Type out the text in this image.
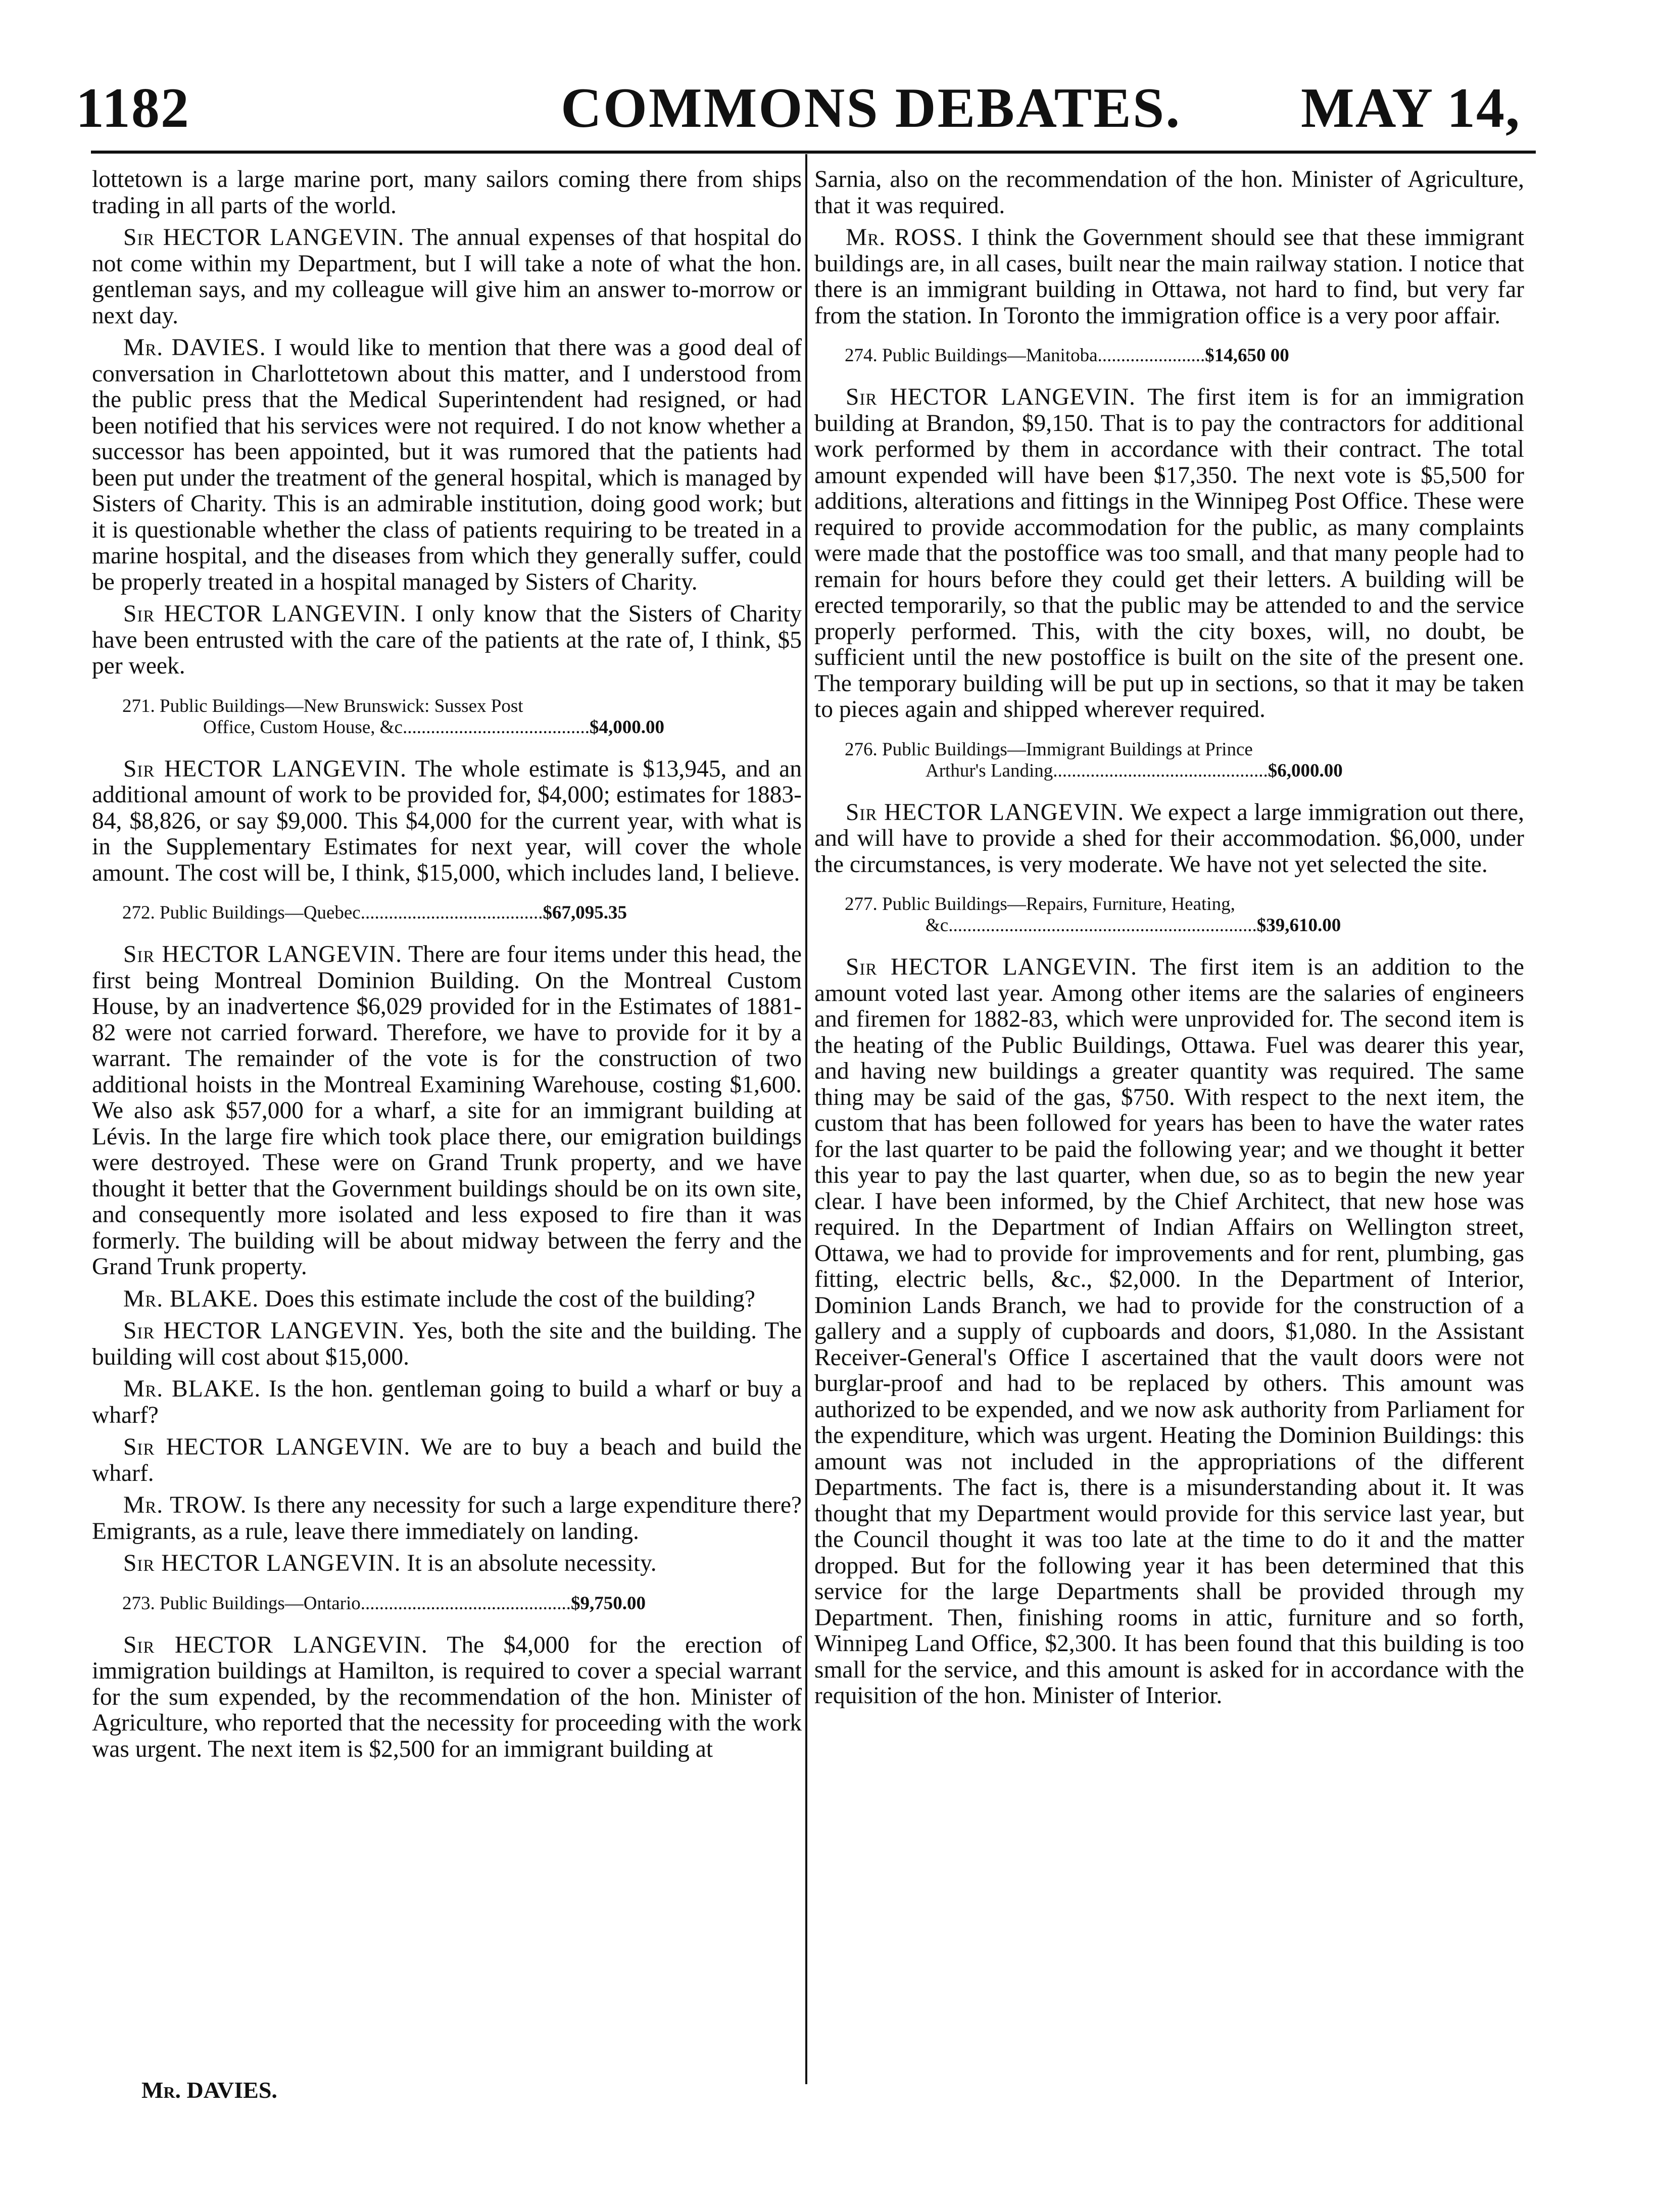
1182	COMMONS DEBATES. MAY 14,

lottetown is a large marine port, many sailors coming there from ships trading in all parts of the world.

Sir HECTOR LANGEVIN. The annual expenses of that hospital do not come within my Department, but I will take a note of what the hon. gentleman says, and my colleague will give him an answer to-morrow or next day.

Mr. DAVIES. I would like to mention that there was a good deal of conversation in Charlottetown about this matter, and I understood from the public press that the Medical Superintendent had resigned, or had been notified that his services were not required. I do not know whether a successor has been appointed, but it was rumored that the patients had been put under the treatment of the general hospital, which is managed by Sisters of Charity. This is an admirable institution, doing good work; but it is questionable whether the class of patients requiring to be treated in a marine hospital, and the diseases from which they generally suffer, could be properly treated in a hospital managed by Sisters of Charity.

Sir HECTOR LANGEVIN. I only know that the Sisters of Charity have been entrusted with the care of the patients at the rate of, I think, $5 per week.

271. Public Buildings—New Brunswick: Sussex Post
Office, Custom House, &c........................................$4,000.00

Sir HECTOR LANGEVIN. The whole estimate is $13,945, and an additional amount of work to be provided for, $4,000; estimates for 1883-84, $8,826, or say $9,000. This $4,000 for the current year, with what is in the Supplementary Estimates for next year, will cover the whole amount. The cost will be, I think, $15,000, which includes land, I believe.

272. Public Buildings—Quebec.......................................$67,095.35

Sir HECTOR LANGEVIN. There are four items under this head, the first being Montreal Dominion Building. On the Montreal Custom House, by an inadvertence $6,029 provided for in the Estimates of 1881-82 were not carried forward. Therefore, we have to provide for it by a warrant. The remainder of the vote is for the construction of two additional hoists in the Montreal Examining Warehouse, costing $1,600. We also ask $57,000 for a wharf, a site for an immigrant building at Lévis. In the large fire which took place there, our emigration buildings were destroyed. These were on Grand Trunk property, and we have thought it better that the Government buildings should be on its own site, and consequently more isolated and less exposed to fire than it was formerly. The building will be about midway between the ferry and the Grand Trunk property.

Mr. BLAKE. Does this estimate include the cost of the building?

Sir HECTOR LANGEVIN. Yes, both the site and the building. The building will cost about $15,000.

Mr. BLAKE. Is the hon. gentleman going to build a wharf or buy a wharf?

Sir HECTOR LANGEVIN. We are to buy a beach and build the wharf.

Mr. TROW. Is there any necessity for such a large expenditure there? Emigrants, as a rule, leave there immediately on landing.

Sir HECTOR LANGEVIN. It is an absolute necessity.

273. Public Buildings—Ontario.............................................$9,750.00

Sir HECTOR LANGEVIN. The $4,000 for the erection of immigration buildings at Hamilton, is required to cover a special warrant for the sum expended, by the recommendation of the hon. Minister of Agriculture, who reported that the necessity for proceeding with the work was urgent. The next item is $2,500 for an immigrant building at

Sarnia, also on the recommendation of the hon. Minister of Agriculture, that it was required.

Mr. ROSS. I think the Government should see that these immigrant buildings are, in all cases, built near the main railway station. I notice that there is an immigrant building in Ottawa, not hard to find, but very far from the station. In Toronto the immigration office is a very poor affair.

274. Public Buildings—Manitoba.......................$14,650 00

Sir HECTOR LANGEVIN. The first item is for an immigration building at Brandon, $9,150. That is to pay the contractors for additional work performed by them in accordance with their contract. The total amount expended will have been $17,350. The next vote is $5,500 for additions, alterations and fittings in the Winnipeg Post Office. These were required to provide accommodation for the public, as many complaints were made that the postoffice was too small, and that many people had to remain for hours before they could get their letters. A building will be erected temporarily, so that the public may be attended to and the service properly performed. This, with the city boxes, will, no doubt, be sufficient until the new postoffice is built on the site of the present one. The temporary building will be put up in sections, so that it may be taken to pieces again and shipped wherever required.

276. Public Buildings—Immigrant Buildings at Prince
Arthur's Landing..............................................$6,000.00

Sir HECTOR LANGEVIN. We expect a large immigration out there, and will have to provide a shed for their accommodation. $6,000, under the circumstances, is very moderate. We have not yet selected the site.

277. Public Buildings—Repairs, Furniture, Heating,
&c..................................................................$39,610.00

Sir HECTOR LANGEVIN. The first item is an addition to the amount voted last year. Among other items are the salaries of engineers and firemen for 1882-83, which were unprovided for. The second item is the heating of the Public Buildings, Ottawa. Fuel was dearer this year, and having new buildings a greater quantity was required. The same thing may be said of the gas, $750. With respect to the next item, the custom that has been followed for years has been to have the water rates for the last quarter to be paid the following year; and we thought it better this year to pay the last quarter, when due, so as to begin the new year clear. I have been informed, by the Chief Architect, that new hose was required. In the Department of Indian Affairs on Wellington street, Ottawa, we had to provide for improvements and for rent, plumbing, gas fitting, electric bells, &c., $2,000. In the Department of Interior, Dominion Lands Branch, we had to provide for the construction of a gallery and a supply of cupboards and doors, $1,080. In the Assistant Receiver-General's Office I ascertained that the vault doors were not burglar-proof and had to be replaced by others. This amount was authorized to be expended, and we now ask authority from Parliament for the expenditure, which was urgent. Heating the Dominion Buildings: this amount was not included in the appropriations of the different Departments. The fact is, there is a misunderstanding about it. It was thought that my Department would provide for this service last year, but the Council thought it was too late at the time to do it and the matter dropped. But for the following year it has been determined that this service for the large Departments shall be provided through my Department. Then, finishing rooms in attic, furniture and so forth, Winnipeg Land Office, $2,300. It has been found that this building is too small for the service, and this amount is asked for in accordance with the requisition of the hon. Minister of Interior.

Mr. DAVIES.
